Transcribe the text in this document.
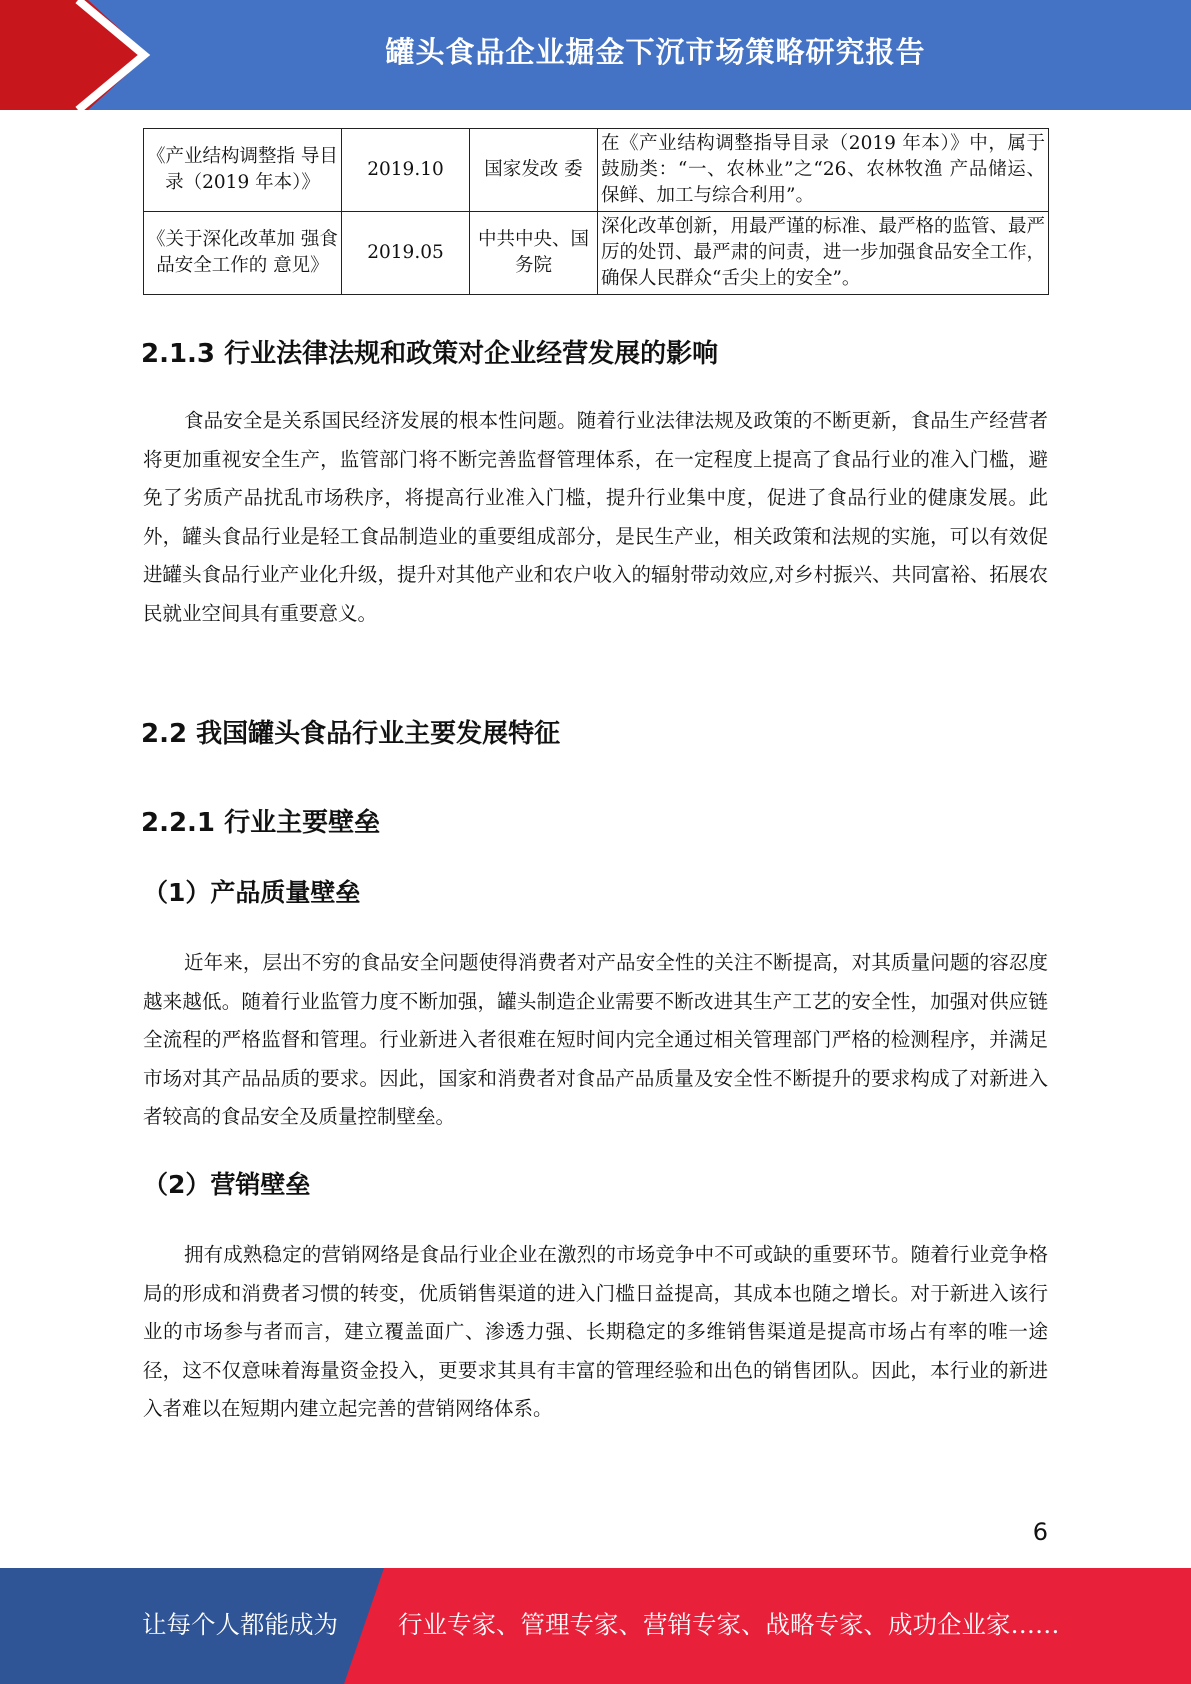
罐头食品企业掘金下沉市场策略研究报告
《产业结构调整指 导目录（2019 年本）》	2019.10	国家发改 委	在《产业结构调整指导目录（2019 年本）》中，属于鼓励类：“一、农林业”之“26、农林牧渔 产品储运、保鲜、加工与综合利用”。
《关于深化改革加 强食品安全工作的 意见》	2019.05	中共中央、国务院	深化改革创新，用最严谨的标准、最严格的监管、最严厉的处罚、最严肃的问责，进一步加强食品安全工作，确保人民群众“舌尖上的安全”。
2.1.3 行业法律法规和政策对企业经营发展的影响

食品安全是关系国民经济发展的根本性问题。随着行业法律法规及政策的不断更新，食品生产经营者将更加重视安全生产，监管部门将不断完善监督管理体系，在一定程度上提高了食品行业的准入门槛，避免了劣质产品扰乱市场秩序，将提高行业准入门槛，提升行业集中度，促进了食品行业的健康发展。此外，罐头食品行业是轻工食品制造业的重要组成部分，是民生产业，相关政策和法规的实施，可以有效促进罐头食品行业产业化升级，提升对其他产业和农户收入的辐射带动效应,对乡村振兴、共同富裕、拓展农民就业空间具有重要意义。

2.2 我国罐头食品行业主要发展特征
2.2.1 行业主要壁垒
（1）产品质量壁垒

近年来，层出不穷的食品安全问题使得消费者对产品安全性的关注不断提高，对其质量问题的容忍度越来越低。随着行业监管力度不断加强，罐头制造企业需要不断改进其生产工艺的安全性，加强对供应链全流程的严格监督和管理。行业新进入者很难在短时间内完全通过相关管理部门严格的检测程序，并满足市场对其产品品质的要求。因此，国家和消费者对食品产品质量及安全性不断提升的要求构成了对新进入者较高的食品安全及质量控制壁垒。

（2）营销壁垒

拥有成熟稳定的营销网络是食品行业企业在激烈的市场竞争中不可或缺的重要环节。随着行业竞争格局的形成和消费者习惯的转变，优质销售渠道的进入门槛日益提高，其成本也随之增长。对于新进入该行业的市场参与者而言，建立覆盖面广、渗透力强、长期稳定的多维销售渠道是提高市场占有率的唯一途径，这不仅意味着海量资金投入，更要求其具有丰富的管理经验和出色的销售团队。因此，本行业的新进入者难以在短期内建立起完善的营销网络体系。

6
让每个人都能成为 行业专家、管理专家、营销专家、战略专家、成功企业家……
